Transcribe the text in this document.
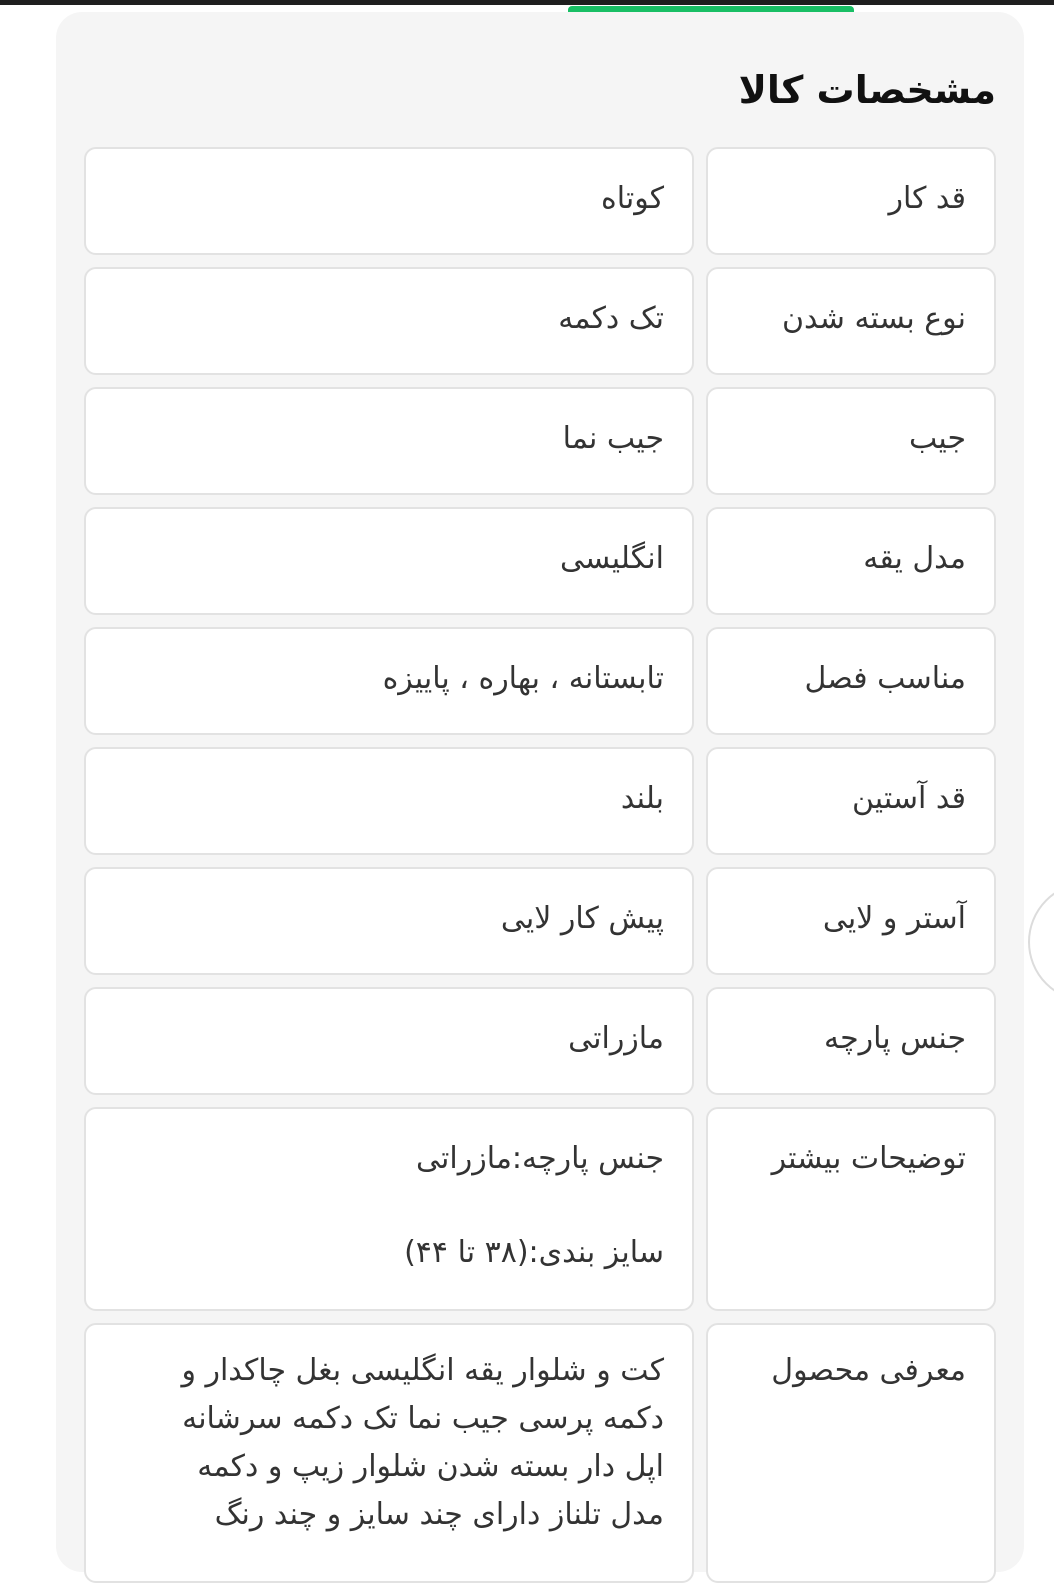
مشخصات کالا
قد کار
کوتاه
نوع بسته شدن
تک دکمه
جیب
جیب نما
مدل یقه
انگلیسی
مناسب فصل
تابستانه ، بهاره ، پاییزه
قد آستین
بلند
آستر و لایی
پیش کار لایی
جنس پارچه
مازراتی
توضیحات بیشتر
جنس پارچه:مازراتی
سایز بندی:(۳۸ تا ۴۴)
معرفی محصول
کت و شلوار یقه انگلیسی بغل چاکدار و
دکمه پرسی جیب نما تک دکمه سرشانه
اپل دار بسته شدن شلوار زیپ و دکمه
مدل تلناز دارای چند سایز و چند رنگ
